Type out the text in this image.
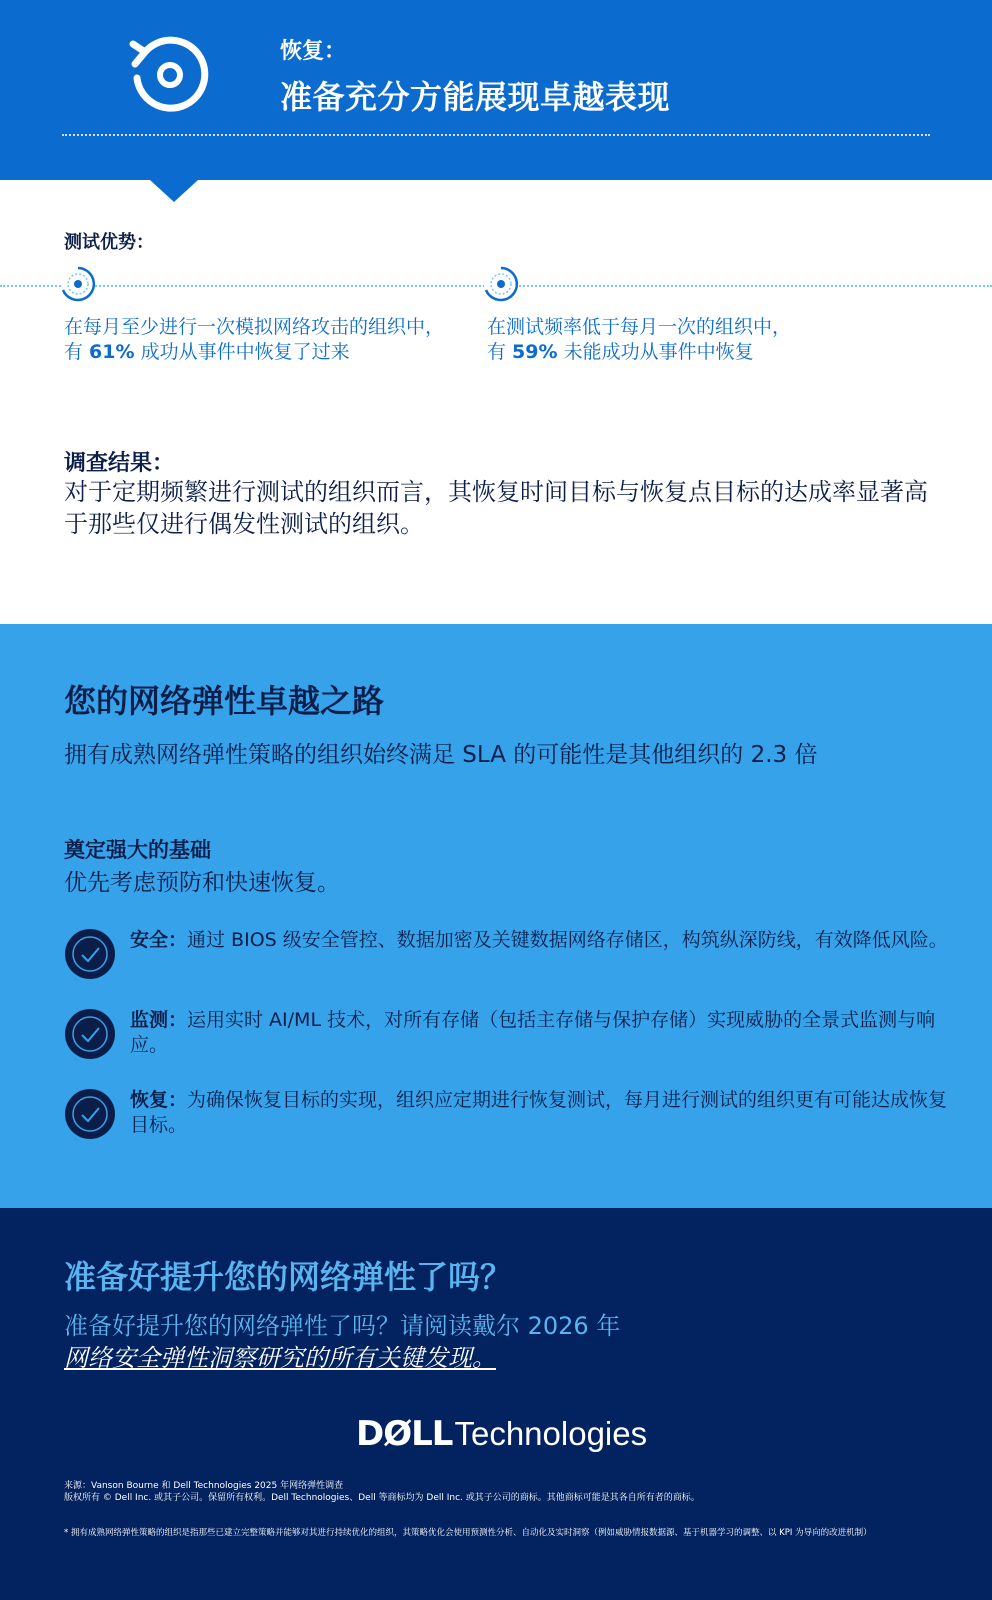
恢复：
准备充分方能展现卓越表现
测试优势：
在每月至少进行一次模拟网络攻击的组织中，
有 61% 成功从事件中恢复了过来
在测试频率低于每月一次的组织中，
有 59% 未能成功从事件中恢复
调查结果：
对于定期频繁进行测试的组织而言，其恢复时间目标与恢复点目标的达成率显著高于那些仅进行偶发性测试的组织。
您的网络弹性卓越之路
拥有成熟网络弹性策略的组织始终满足 SLA 的可能性是其他组织的 2.3 倍
奠定强大的基础
优先考虑预防和快速恢复。
安全：通过 BIOS 级安全管控、数据加密及关键数据网络存储区，构筑纵深防线，有效降低风险。
监测：运用实时 AI/ML 技术，对所有存储（包括主存储与保护存储）实现威胁的全景式监测与响应。
恢复：为确保恢复目标的实现，组织应定期进行恢复测试，每月进行测试的组织更有可能达成恢复目标。
准备好提升您的网络弹性了吗？
准备好提升您的网络弹性了吗？请阅读戴尔 2026 年
网络安全弹性洞察研究的所有关键发现。
DØLL Technologies
来源：Vanson Bourne 和 Dell Technologies 2025 年网络弹性调查
版权所有 © Dell Inc. 或其子公司。保留所有权利。Dell Technologies、Dell 等商标均为 Dell Inc. 或其子公司的商标。其他商标可能是其各自所有者的商标。
* 拥有成熟网络弹性策略的组织是指那些已建立完整策略并能够对其进行持续优化的组织，其策略优化会使用预测性分析、自动化及实时洞察（例如威胁情报数据源、基于机器学习的调整、以 KPI 为导向的改进机制）
